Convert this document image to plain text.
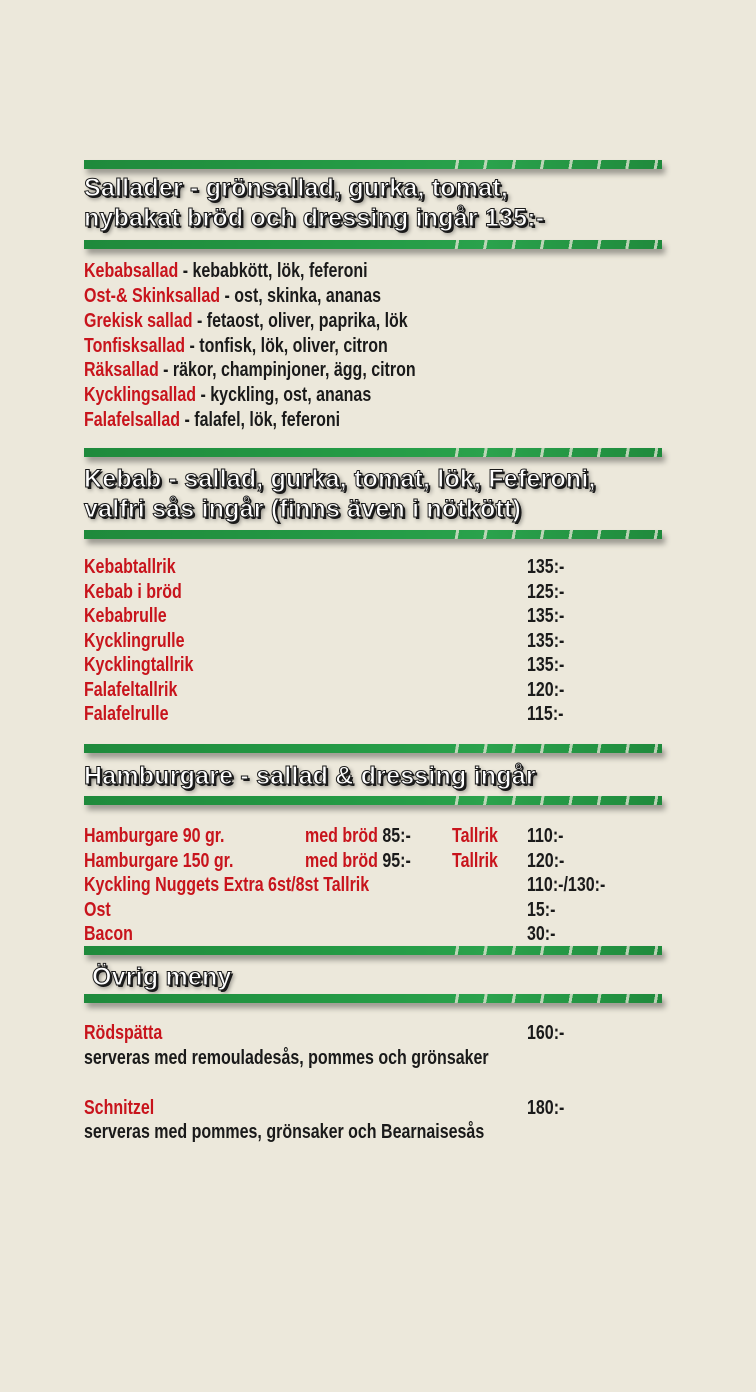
Sallader - grönsallad, gurka, tomat,
nybakat bröd och dressing ingår 135:-

Kebabsallad - kebabkött, lök, feferoni

Ost-& Skinksallad - ost, skinka, ananas

Grekisk sallad - fetaost, oliver, paprika, lök

Tonfisksallad - tonfisk, lök, oliver, citron

Räksallad - räkor, champinjoner, ägg, citron

Kycklingsallad - kyckling, ost, ananas

Falafelsallad - falafel, lök, feferoni

Kebab - sallad, gurka, tomat, lök, Feferoni,
valfri sås ingår (finns även i nötkött)

Kebabtallrik	135:-

Kebab i bröd	125:-

Kebabrulle	135:-

Kycklingrulle	135:-

Kycklingtallrik	135:-

Falafeltallrik	120:-

Falafelrulle	115:-

Hamburgare - sallad & dressing ingår

Hamburgare 90 gr.	med bröd 85:- Tallrik 110:-

Hamburgare 150 gr.	med bröd 95:- Tallrik 120:-

Kyckling Nuggets Extra 6st/8st Tallrik	110:-/130:-

Ost	15:-

Bacon	30:-

Övrig meny

Rödspätta	160:-

serveras med remouladesås, pommes och grönsaker

Schnitzel	180:-

serveras med pommes, grönsaker och Bearnaisesås
